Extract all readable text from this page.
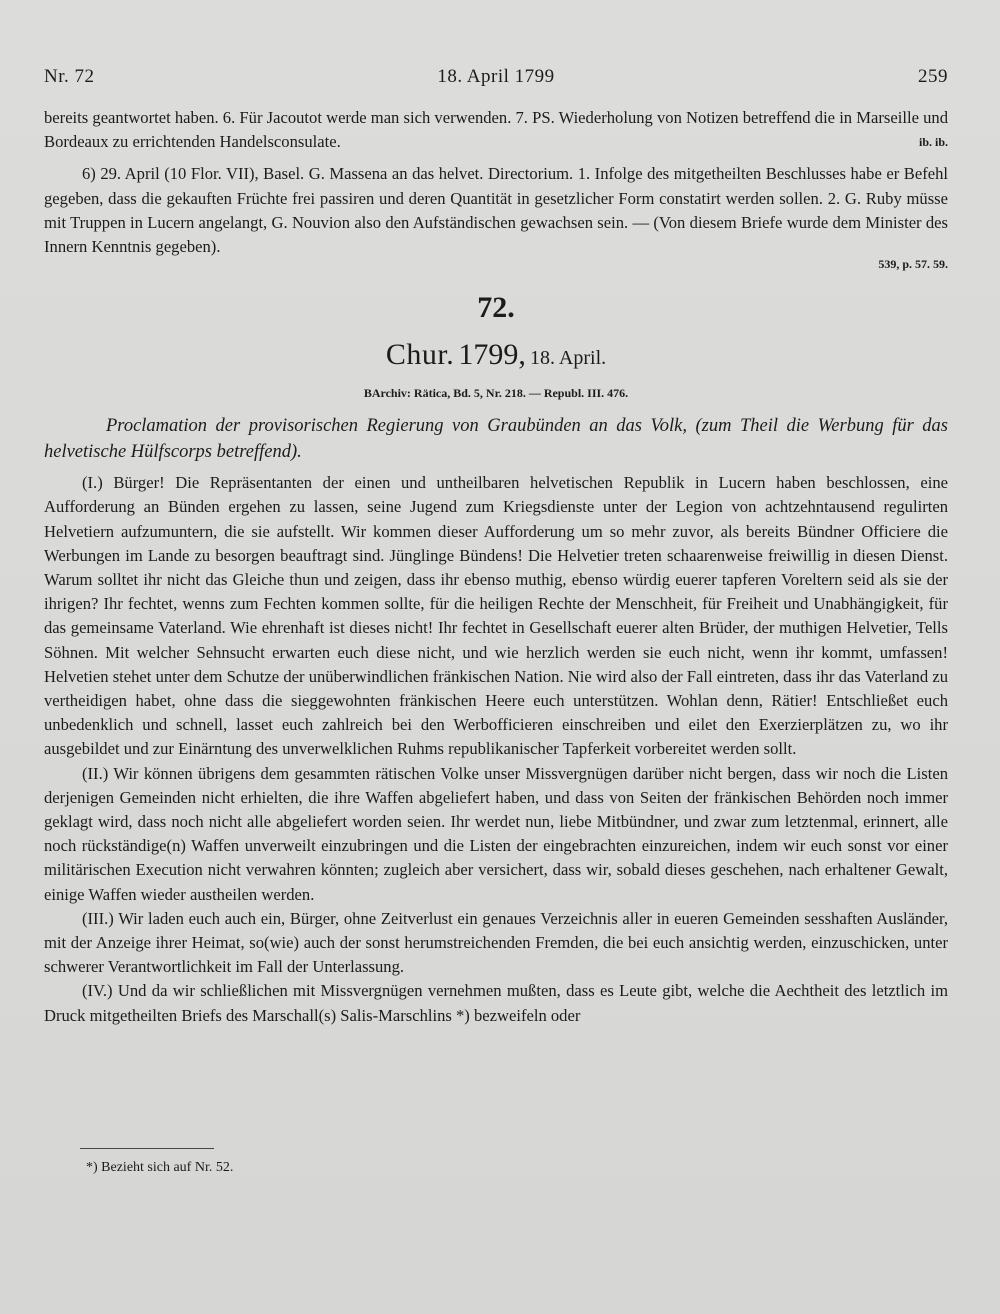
Nr. 72	18. April 1799	259

bereits geantwortet haben. 6. Für Jacoutot werde man sich verwenden. 7. PS. Wiederholung von Notizen betreffend die in Marseille und Bordeaux zu errichtenden Handelsconsulate.	ib. ib.

6) 29. April (10 Flor. VII), Basel. G. Massena an das helvet. Directorium. 1. Infolge des mitgetheilten Beschlusses habe er Befehl gegeben, dass die gekauften Früchte frei passiren und deren Quantität in gesetzlicher Form constatirt werden sollen. 2. G. Ruby müsse mit Truppen in Lucern angelangt, G. Nouvion also den Aufständischen gewachsen sein. — (Von diesem Briefe wurde dem Minister des Innern Kenntnis gegeben).

539, p. 57. 59.
72.
Chur. 1799, 18. April.
BArchiv: Rätica, Bd. 5, Nr. 218. — Republ. III. 476.

Proclamation der provisorischen Regierung von Graubünden an das Volk, (zum Theil die Werbung für das helvetische Hülfscorps betreffend).

(I.) Bürger! Die Repräsentanten der einen und untheilbaren helvetischen Republik in Lucern haben beschlossen, eine Aufforderung an Bünden ergehen zu lassen, seine Jugend zum Kriegsdienste unter der Legion von achtzehntausend regulirten Helvetiern aufzumuntern, die sie aufstellt. Wir kommen dieser Aufforderung um so mehr zuvor, als bereits Bündner Officiere die Werbungen im Lande zu besorgen beauftragt sind. Jünglinge Bündens! Die Helvetier treten schaarenweise freiwillig in diesen Dienst. Warum solltet ihr nicht das Gleiche thun und zeigen, dass ihr ebenso muthig, ebenso würdig euerer tapferen Voreltern seid als sie der ihrigen? Ihr fechtet, wenns zum Fechten kommen sollte, für die heiligen Rechte der Menschheit, für Freiheit und Unabhängigkeit, für das gemeinsame Vaterland. Wie ehrenhaft ist dieses nicht! Ihr fechtet in Gesellschaft euerer alten Brüder, der muthigen Helvetier, Tells Söhnen. Mit welcher Sehnsucht erwarten euch diese nicht, und wie herzlich werden sie euch nicht, wenn ihr kommt, umfassen! Helvetien stehet unter dem Schutze der unüberwindlichen fränkischen Nation. Nie wird also der Fall eintreten, dass ihr das Vaterland zu vertheidigen habet, ohne dass die sieggewohnten fränkischen Heere euch unterstützen. Wohlan denn, Rätier! Entschließet euch unbedenklich und schnell, lasset euch zahlreich bei den Werbofficieren einschreiben und eilet den Exerzierplätzen zu, wo ihr ausgebildet und zur Einärntung des unverwelklichen Ruhms republikanischer Tapferkeit vorbereitet werden sollt.

(II.) Wir können übrigens dem gesammten rätischen Volke unser Missvergnügen darüber nicht bergen, dass wir noch die Listen derjenigen Gemeinden nicht erhielten, die ihre Waffen abgeliefert haben, und dass von Seiten der fränkischen Behörden noch immer geklagt wird, dass noch nicht alle abgeliefert worden seien. Ihr werdet nun, liebe Mitbündner, und zwar zum letztenmal, erinnert, alle noch rückständige(n) Waffen unverweilt einzubringen und die Listen der eingebrachten einzureichen, indem wir euch sonst vor einer militärischen Execution nicht verwahren könnten; zugleich aber versichert, dass wir, sobald dieses geschehen, nach erhaltener Gewalt, einige Waffen wieder austheilen werden.

(III.) Wir laden euch auch ein, Bürger, ohne Zeitverlust ein genaues Verzeichnis aller in eueren Gemeinden sesshaften Ausländer, mit der Anzeige ihrer Heimat, so(wie) auch der sonst herumstreichenden Fremden, die bei euch ansichtig werden, einzuschicken, unter schwerer Verantwortlichkeit im Fall der Unterlassung.

(IV.) Und da wir schließlichen mit Missvergnügen vernehmen mußten, dass es Leute gibt, welche die Aechtheit des letztlich im Druck mitgetheilten Briefs des Marschall(s) Salis-Marschlins *) bezweifeln oder

*) Bezieht sich auf Nr. 52.
